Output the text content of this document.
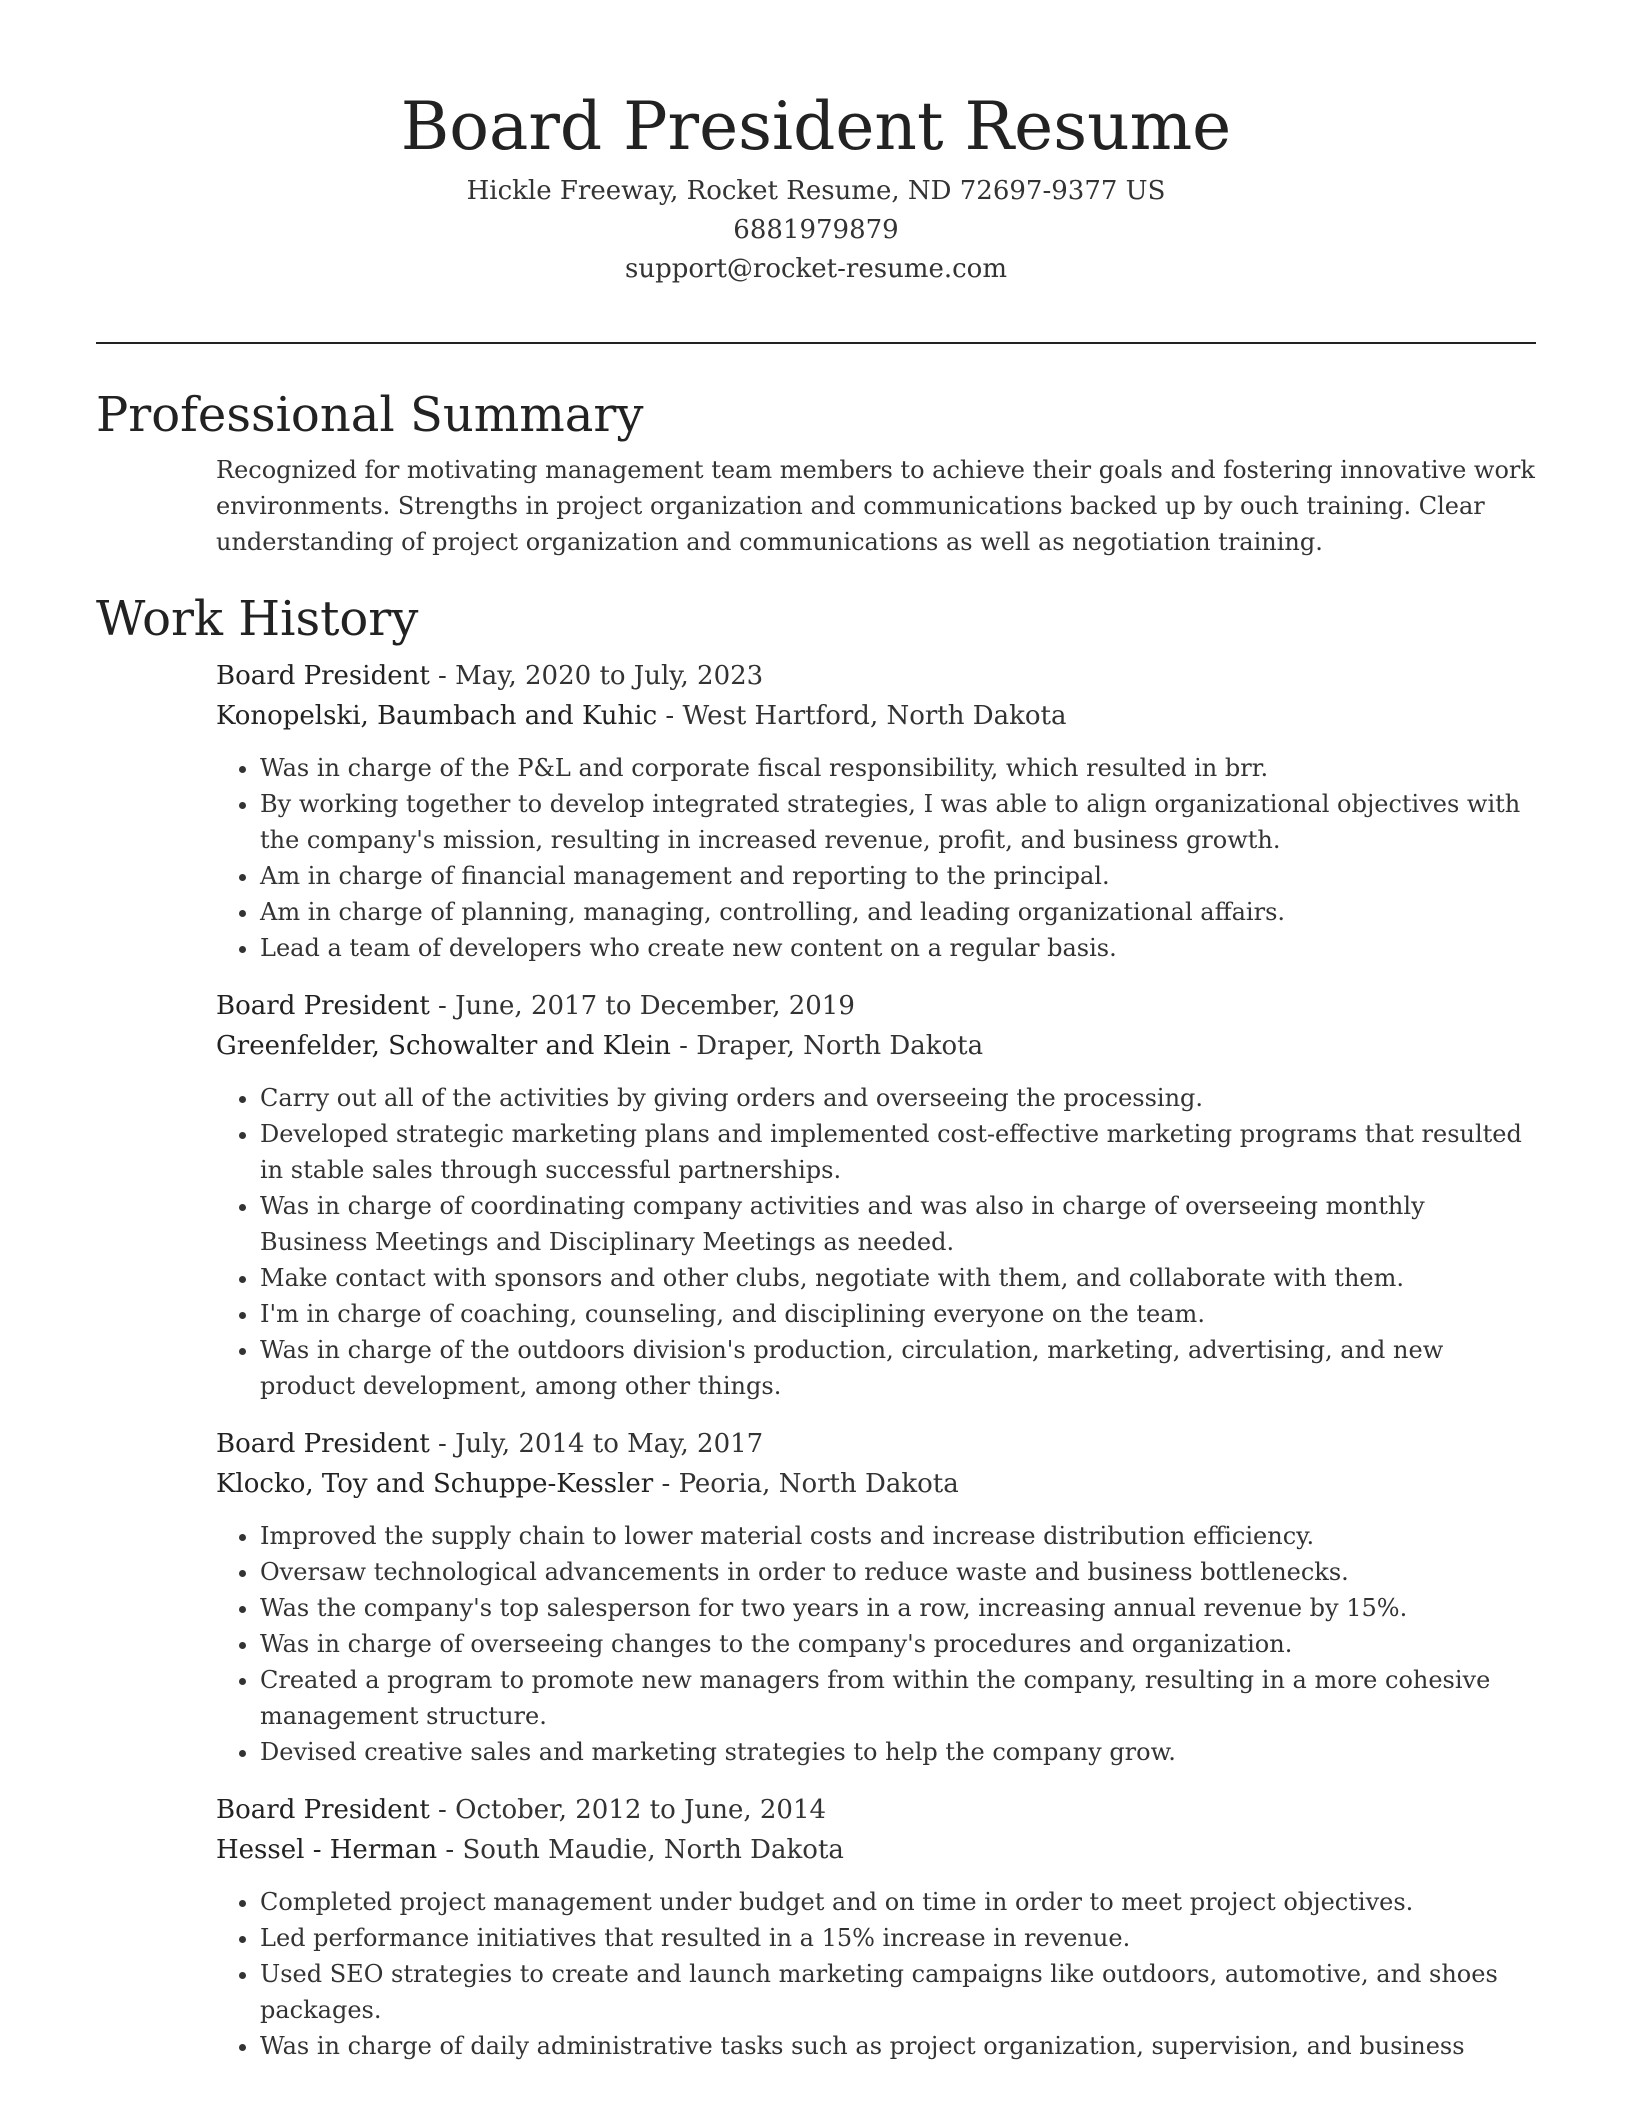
Board President Resume
Hickle Freeway, Rocket Resume, ND 72697-9377 US
6881979879
support@rocket-resume.com
Professional Summary

Recognized for motivating management team members to achieve their goals and fostering innovative work environments. Strengths in project organization and communications backed up by ouch training. Clear understanding of project organization and communications as well as negotiation training.

Work History
Board President - May, 2020 to July, 2023
Konopelski, Baumbach and Kuhic - West Hartford, North Dakota
• Was in charge of the P&L and corporate fiscal responsibility, which resulted in brr.
• By working together to develop integrated strategies, I was able to align organizational objectives with the company's mission, resulting in increased revenue, profit, and business growth.
• Am in charge of financial management and reporting to the principal.
• Am in charge of planning, managing, controlling, and leading organizational affairs.
• Lead a team of developers who create new content on a regular basis.
Board President - June, 2017 to December, 2019
Greenfelder, Schowalter and Klein - Draper, North Dakota
• Carry out all of the activities by giving orders and overseeing the processing.
• Developed strategic marketing plans and implemented cost-effective marketing programs that resulted in stable sales through successful partnerships.
• Was in charge of coordinating company activities and was also in charge of overseeing monthly Business Meetings and Disciplinary Meetings as needed.
• Make contact with sponsors and other clubs, negotiate with them, and collaborate with them.
• I'm in charge of coaching, counseling, and disciplining everyone on the team.
• Was in charge of the outdoors division's production, circulation, marketing, advertising, and new product development, among other things.
Board President - July, 2014 to May, 2017
Klocko, Toy and Schuppe-Kessler - Peoria, North Dakota
• Improved the supply chain to lower material costs and increase distribution efficiency.
• Oversaw technological advancements in order to reduce waste and business bottlenecks.
• Was the company's top salesperson for two years in a row, increasing annual revenue by 15%.
• Was in charge of overseeing changes to the company's procedures and organization.
• Created a program to promote new managers from within the company, resulting in a more cohesive management structure.
• Devised creative sales and marketing strategies to help the company grow.
Board President - October, 2012 to June, 2014
Hessel - Herman - South Maudie, North Dakota
• Completed project management under budget and on time in order to meet project objectives.
• Led performance initiatives that resulted in a 15% increase in revenue.
• Used SEO strategies to create and launch marketing campaigns like outdoors, automotive, and shoes packages.
• Was in charge of daily administrative tasks such as project organization, supervision, and business
